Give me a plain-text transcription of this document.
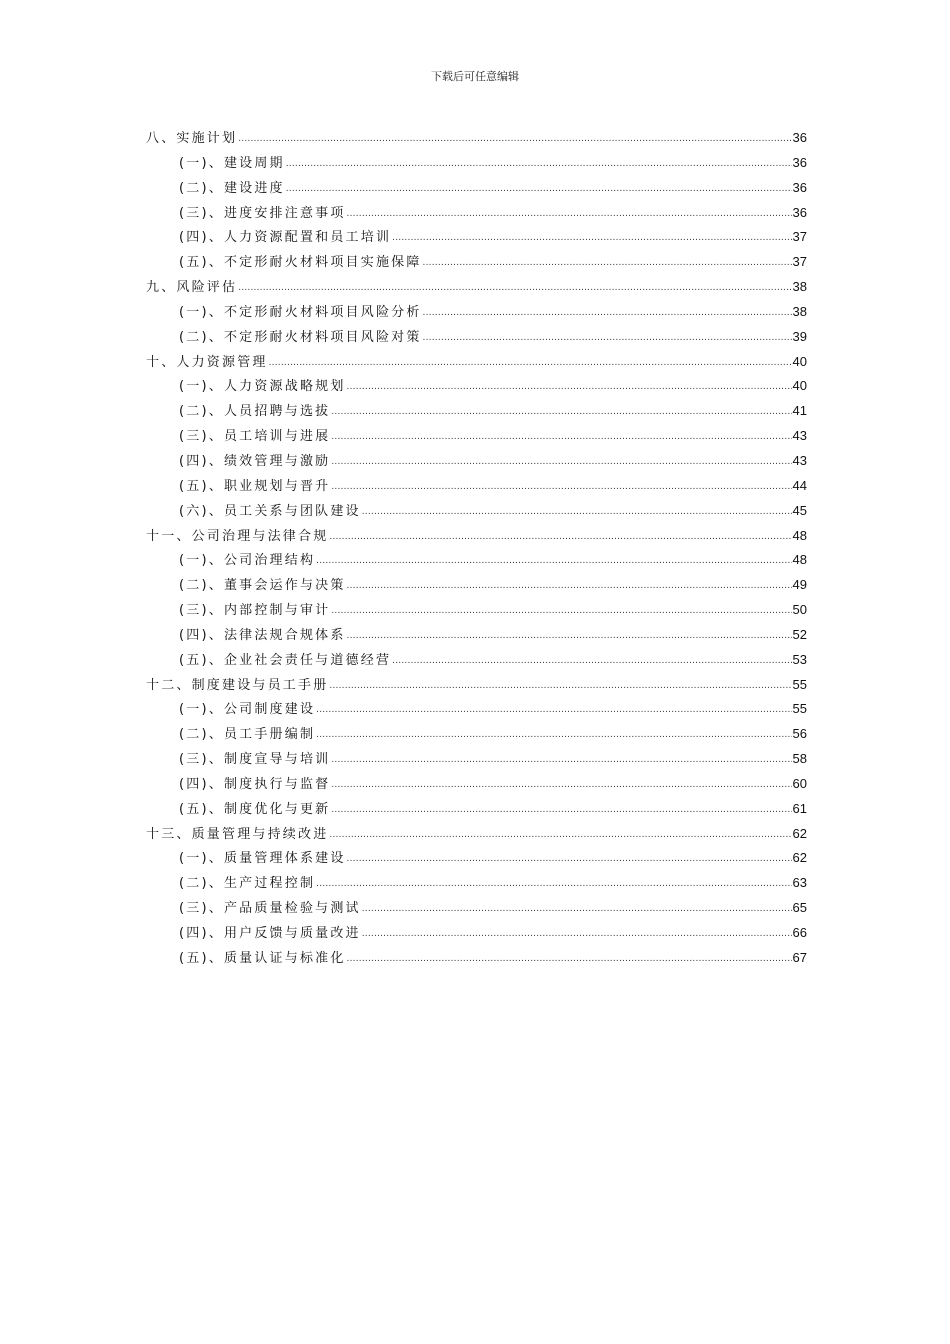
下载后可任意编辑
八、实施计划 .....	36
(一)、建设周期 .....	36
(二)、建设进度 .....	36
(三)、进度安排注意事项 .....	36
(四)、人力资源配置和员工培训 .....	37
(五)、不定形耐火材料项目实施保障 .....	37
九、风险评估 .....	38
(一)、不定形耐火材料项目风险分析 .....	38
(二)、不定形耐火材料项目风险对策 .....	39
十、人力资源管理 .....	40
(一)、人力资源战略规划 .....	40
(二)、人员招聘与选拔 .....	41
(三)、员工培训与进展 .....	43
(四)、绩效管理与激励 .....	43
(五)、职业规划与晋升 .....	44
(六)、员工关系与团队建设 .....	45
十一、公司治理与法律合规 .....	48
(一)、公司治理结构 .....	48
(二)、董事会运作与决策 .....	49
(三)、内部控制与审计 .....	50
(四)、法律法规合规体系 .....	52
(五)、企业社会责任与道德经营 .....	53
十二、制度建设与员工手册 .....	55
(一)、公司制度建设 .....	55
(二)、员工手册编制 .....	56
(三)、制度宣导与培训 .....	58
(四)、制度执行与监督 .....	60
(五)、制度优化与更新 .....	61
十三、质量管理与持续改进 .....	62
(一)、质量管理体系建设 .....	62
(二)、生产过程控制 .....	63
(三)、产品质量检验与测试 .....	65
(四)、用户反馈与质量改进 .....	66
(五)、质量认证与标准化 .....	67
